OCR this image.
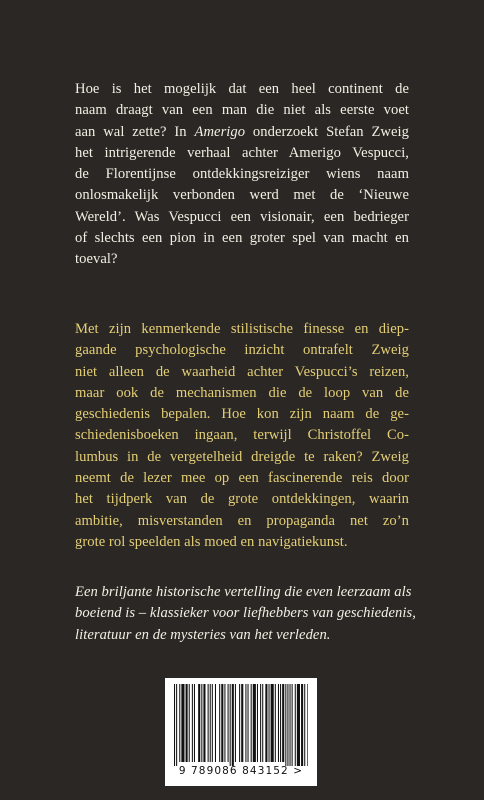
Hoe is het mogelijk dat een heel continent de
naam draagt van een man die niet als eerste voet
aan wal zette? In Amerigo onderzoekt Stefan Zweig
het intrigerende verhaal achter Amerigo Vespucci,
de Florentijnse ontdekkingsreiziger wiens naam
onlosmakelijk verbonden werd met de ‘Nieuwe
Wereld’. Was Vespucci een visionair, een bedrieger
of slechts een pion in een groter spel van macht en
toeval?
Met zijn kenmerkende stilistische finesse en diep-
gaande psychologische inzicht ontrafelt Zweig
niet alleen de waarheid achter Vespucci’s reizen,
maar ook de mechanismen die de loop van de
geschiedenis bepalen. Hoe kon zijn naam de ge-
schiedenisboeken ingaan, terwijl Christoffel Co-
lumbus in de vergetelheid dreigde te raken? Zweig
neemt de lezer mee op een fascinerende reis door
het tijdperk van de grote ontdekkingen, waarin
ambitie, misverstanden en propaganda net zo’n
grote rol speelden als moed en navigatiekunst.
Een briljante historische vertelling die even leerzaam als
boeiend is – klassieker voor liefhebbers van geschiedenis,
literatuur en de mysteries van het verleden.
9 789086 843152 >
